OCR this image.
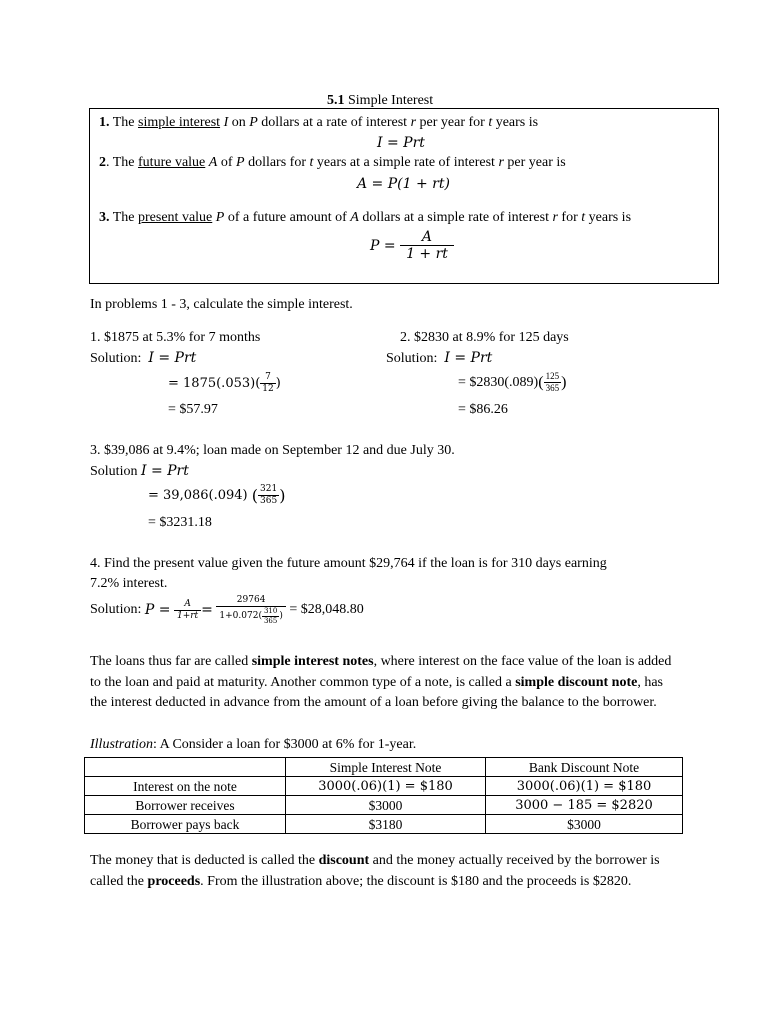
5.1 Simple Interest
1. The simple interest I on P dollars at a rate of interest r per year for t years is
I = Prt
2. The future value A of P dollars for t years at a simple rate of interest r per year is
A = P(1 + rt)
3. The present value P of a future amount of A dollars at a simple rate of interest r for t years is
P =
$\frac{A}{1 + rt}$
In problems 1 - 3, calculate the simple interest.
1. $1875 at 5.3% for 7 months
Solution: I = Prt
= $1875(.053)( \frac{7}{12}$ )
= $57.97
2. $2830 at 8.9% for 125 days
Solution: I = Prt
= $2830(.089) ( $\frac{125}{365}$ )
= $86.26
3. $39,086 at 9.4%; loan made on September 12 and due July 30.
Solution I = Prt
= 39,086(.094)
( $\frac{321}{365}$ )
= $3231.18
4. Find the present value given the future amount $29,764 if the loan is for 310 days earning
7.2% interest.
Solution:
P =
$\frac{A}{1+rt}$ =
$\frac{29764}{1+0.072 ( \frac{310}{365} )}$
= $28,048.80
The loans thus far are called simple interest notes, where interest on the face value of the loan is added to the loan and paid at maturity. Another common type of a note, is called a simple discount note, has the interest deducted in advance from the amount of a loan before giving the balance to the borrower.
Illustration: A Consider a loan for $3000 at 6% for 1-year.
	Simple Interest Note	Bank Discount Note
Interest on the note	3000(.06)(1) = $180	3000(.06)(1) = $180
Borrower receives	$3000	3000 − 185 = $2820
Borrower pays back	$3180	$3000
The money that is deducted is called the discount and the money actually received by the borrower is called the proceeds. From the illustration above; the discount is $180 and the proceeds is $2820.
